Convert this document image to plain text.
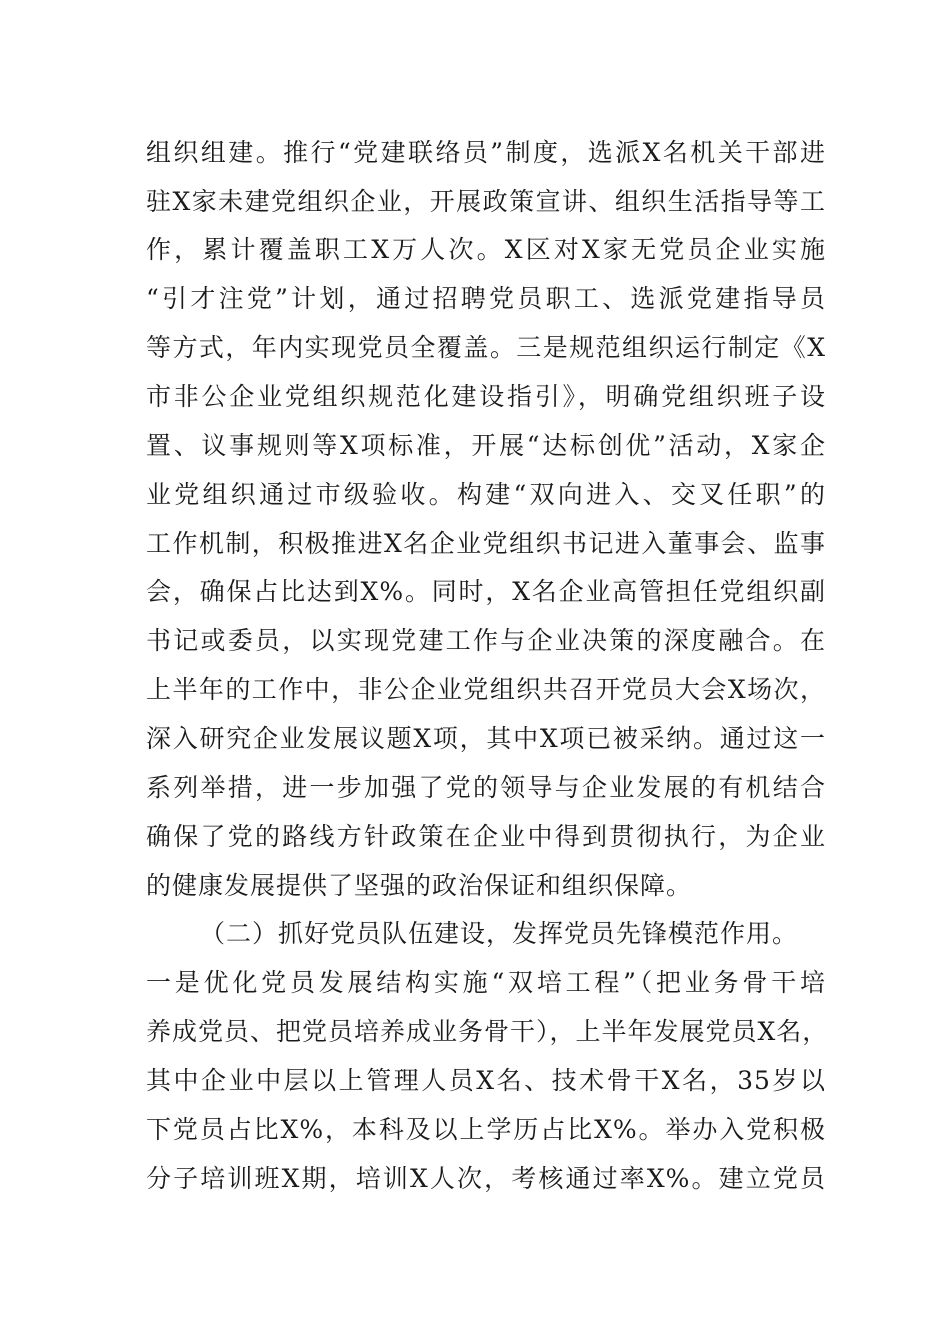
组织组建。推行“党建联络员”制度，选派X名机关干部进
驻X家未建党组织企业，开展政策宣讲、组织生活指导等工
作，累计覆盖职工X万人次。X区对X家无党员企业实施
“引才注党”计划，通过招聘党员职工、选派党建指导员
等方式，年内实现党员全覆盖。三是规范组织运行制定《X
市非公企业党组织规范化建设指引》，明确党组织班子设
置、议事规则等X项标准，开展“达标创优”活动，X家企
业党组织通过市级验收。构建“双向进入、交叉任职”的
工作机制，积极推进X名企业党组织书记进入董事会、监事
会，确保占比达到X%。同时，X名企业高管担任党组织副
书记或委员，以实现党建工作与企业决策的深度融合。在
上半年的工作中，非公企业党组织共召开党员大会X场次，
深入研究企业发展议题X项，其中X项已被采纳。通过这一
系列举措，进一步加强了党的领导与企业发展的有机结合
确保了党的路线方针政策在企业中得到贯彻执行，为企业
的健康发展提供了坚强的政治保证和组织保障。
（二）抓好党员队伍建设，发挥党员先锋模范作用。
一是优化党员发展结构实施“双培工程”（把业务骨干培
养成党员、把党员培养成业务骨干），上半年发展党员X名，
其中企业中层以上管理人员X名、技术骨干X名，35岁以
下党员占比X%，本科及以上学历占比X%。举办入党积极
分子培训班X期，培训X人次，考核通过率X%。建立党员
